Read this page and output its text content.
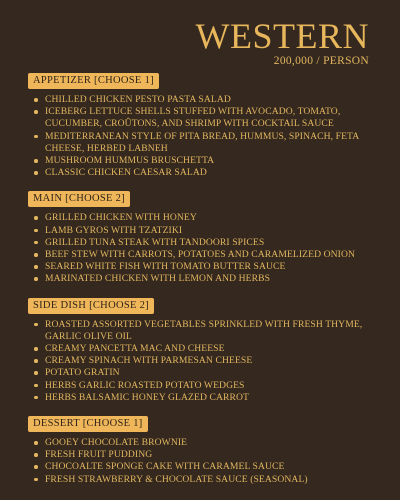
WESTERN
200,000 / PERSON
APPETIZER [CHOOSE 1]
CHILLED CHICKEN PESTO PASTA SALAD
ICEBERG LETTUCE SHELLS STUFFED WITH AVOCADO, TOMATO, CUCUMBER, CROÛTONS, AND SHRIMP WITH COCKTAIL SAUCE
MEDITERRANEAN STYLE OF PITA BREAD, HUMMUS, SPINACH, FETA CHEESE, HERBED LABNEH
MUSHROOM HUMMUS BRUSCHETTA
CLASSIC CHICKEN CAESAR SALAD
MAIN [CHOOSE 2]
GRILLED CHICKEN WITH HONEY
LAMB GYROS WITH TZATZIKI
GRILLED TUNA STEAK WITH TANDOORI SPICES
BEEF STEW WITH CARROTS, POTATOES AND CARAMELIZED ONION
SEARED WHITE FISH WITH TOMATO BUTTER SAUCE
MARINATED CHICKEN WITH LEMON AND HERBS
SIDE DISH [CHOOSE 2]
ROASTED ASSORTED VEGETABLES SPRINKLED WITH FRESH THYME, GARLIC OLIVE OIL
CREAMY PANCETTA MAC AND CHEESE
CREAMY SPINACH WITH PARMESAN CHEESE
POTATO GRATIN
HERBS GARLIC ROASTED POTATO WEDGES
HERBS BALSAMIC HONEY GLAZED CARROT
DESSERT [CHOOSE 1]
GOOEY CHOCOLATE BROWNIE
FRESH FRUIT PUDDING
CHOCOALTE SPONGE CAKE WITH CARAMEL SAUCE
FRESH STRAWBERRY & CHOCOLATE SAUCE (SEASONAL)
